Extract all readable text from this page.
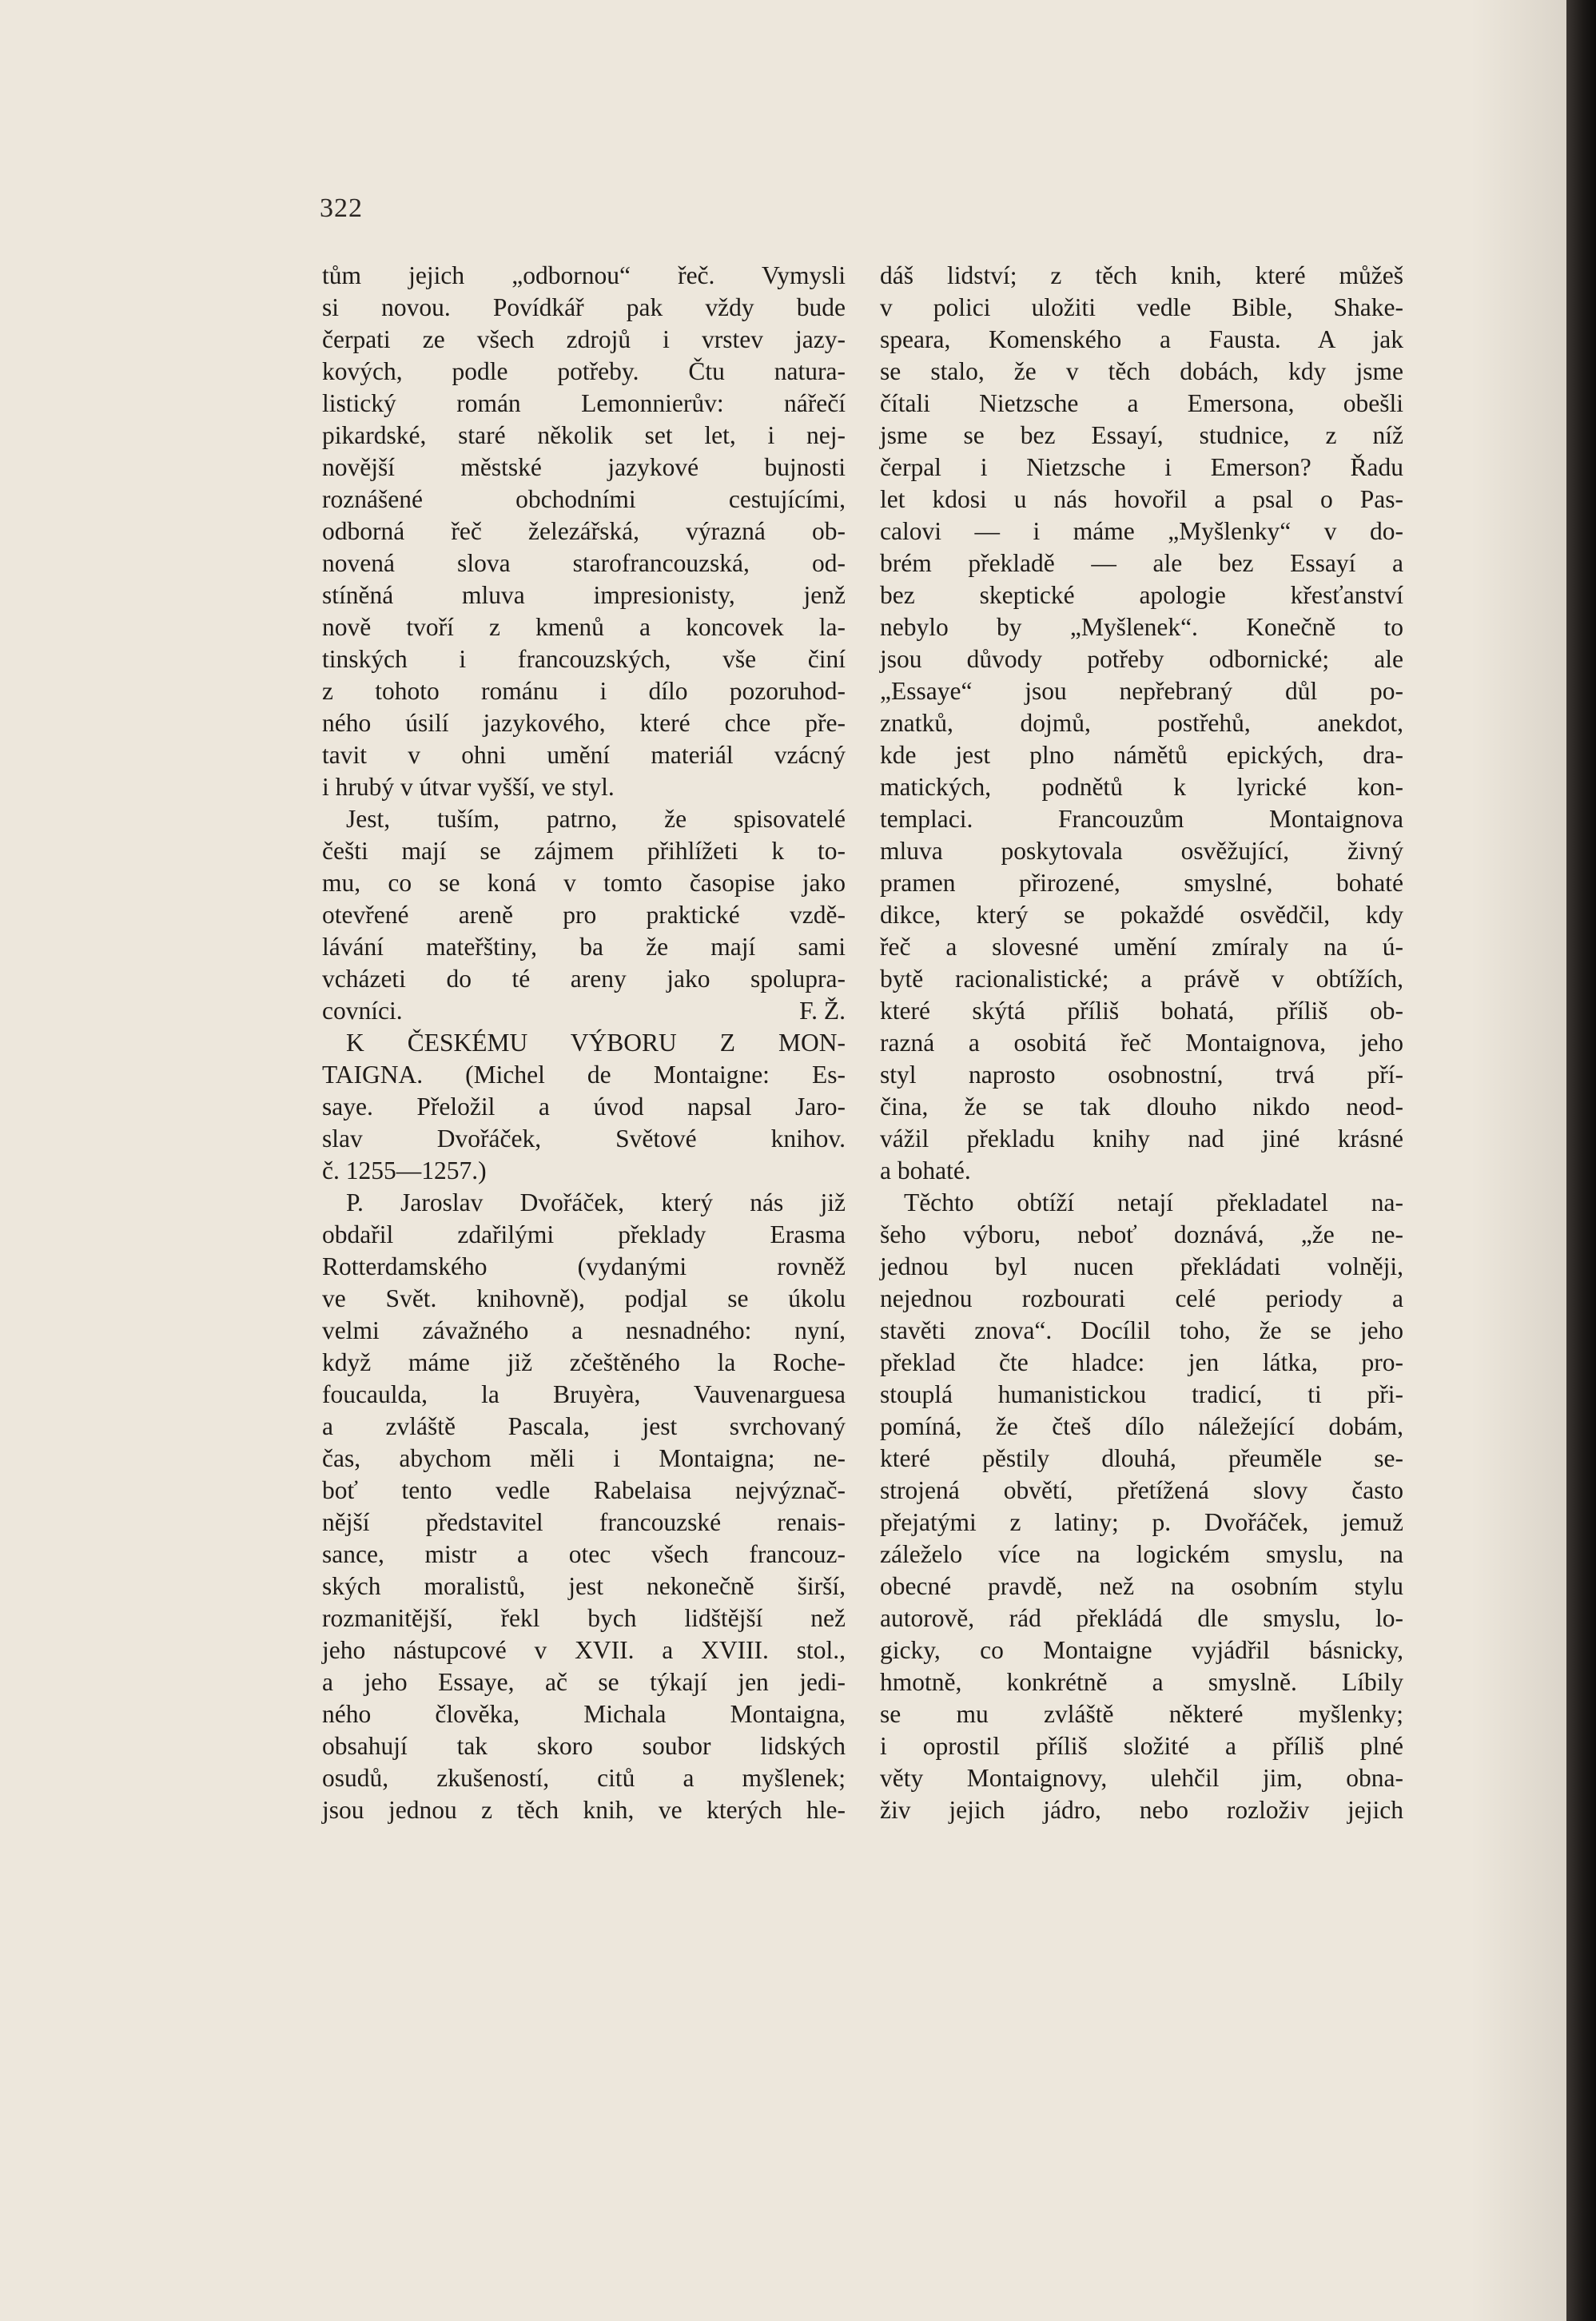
322
tům jejich „odbornou“ řeč. Vymysli
si novou. Povídkář pak vždy bude
čerpati ze všech zdrojů i vrstev jazy-
kových, podle potřeby. Čtu natura-
listický román Lemonnierův: nářečí
pikardské, staré několik set let, i nej-
novější městské jazykové bujnosti
roznášené obchodními cestujícími,
odborná řeč železářská, výrazná ob-
novená slova starofrancouzská, od-
stíněná mluva impresionisty, jenž
nově tvoří z kmenů a koncovek la-
tinských i francouzských, vše činí
z tohoto románu i dílo pozoruhod-
ného úsilí jazykového, které chce pře-
tavit v ohni umění materiál vzácný
i hrubý v útvar vyšší, ve styl.
Jest, tuším, patrno, že spisovatelé
češti mají se zájmem přihlížeti k to-
mu, co se koná v tomto časopise jako
otevřené areně pro praktické vzdě-
lávání mateřštiny, ba že mají sami
vcházeti do té areny jako spolupra-
covníci.	F. Ž.
K ČESKÉMU VÝBORU Z MON-
TAIGNA. (Michel de Montaigne: Es-
saye. Přeložil a úvod napsal Jaro-
slav Dvořáček, Světové knihov.
č. 1255—1257.)
P. Jaroslav Dvořáček, který nás již
obdařil zdařilými překlady Erasma
Rotterdamského (vydanými rovněž
ve Svět. knihovně), podjal se úkolu
velmi závažného a nesnadného: nyní,
když máme již zčeštěného la Roche-
foucaulda, la Bruyèra, Vauvenarguesa
a zvláště Pascala, jest svrchovaný
čas, abychom měli i Montaigna; ne-
boť tento vedle Rabelaisa nejvýznač-
nější představitel francouzské renais-
sance, mistr a otec všech francouz-
ských moralistů, jest nekonečně širší,
rozmanitější, řekl bych lidštější než
jeho nástupcové v XVII. a XVIII. stol.,
a jeho Essaye, ač se týkají jen jedi-
ného člověka, Michala Montaigna,
obsahují tak skoro soubor lidských
osudů, zkušeností, citů a myšlenek;
jsou jednou z těch knih, ve kterých hle-
dáš lidství; z těch knih, které můžeš
v polici uložiti vedle Bible, Shake-
speara, Komenského a Fausta. A jak
se stalo, že v těch dobách, kdy jsme
čítali Nietzsche a Emersona, obešli
jsme se bez Essayí, studnice, z níž
čerpal i Nietzsche i Emerson? Řadu
let kdosi u nás hovořil a psal o Pas-
calovi — i máme „Myšlenky“ v do-
brém překladě — ale bez Essayí a
bez skeptické apologie křesťanství
nebylo by „Myšlenek“. Konečně to
jsou důvody potřeby odbornické; ale
„Essaye“ jsou nepřebraný důl po-
znatků, dojmů, postřehů, anekdot,
kde jest plno námětů epických, dra-
matických, podnětů k lyrické kon-
templaci. Francouzům Montaignova
mluva poskytovala osvěžující, živný
pramen přirozené, smyslné, bohaté
dikce, který se pokaždé osvědčil, kdy
řeč a slovesné umění zmíraly na ú-
bytě racionalistické; a právě v obtížích,
které skýtá příliš bohatá, příliš ob-
razná a osobitá řeč Montaignova, jeho
styl naprosto osobnostní, trvá pří-
čina, že se tak dlouho nikdo neod-
vážil překladu knihy nad jiné krásné
a bohaté.
Těchto obtíží netají překladatel na-
šeho výboru, neboť doznává, „že ne-
jednou byl nucen překládati volněji,
nejednou rozbourati celé periody a
stavěti znova“. Docílil toho, že se jeho
překlad čte hladce: jen látka, pro-
stouplá humanistickou tradicí, ti při-
pomíná, že čteš dílo náležející dobám,
které pěstily dlouhá, přeuměle se-
strojená obvětí, přetížená slovy často
přejatými z latiny; p. Dvořáček, jemuž
záleželo více na logickém smyslu, na
obecné pravdě, než na osobním stylu
autorově, rád překládá dle smyslu, lo-
gicky, co Montaigne vyjádřil básnicky,
hmotně, konkrétně a smyslně. Líbily
se mu zvláště některé myšlenky;
i oprostil příliš složité a příliš plné
věty Montaignovy, ulehčil jim, obna-
živ jejich jádro, nebo rozloživ jejich
